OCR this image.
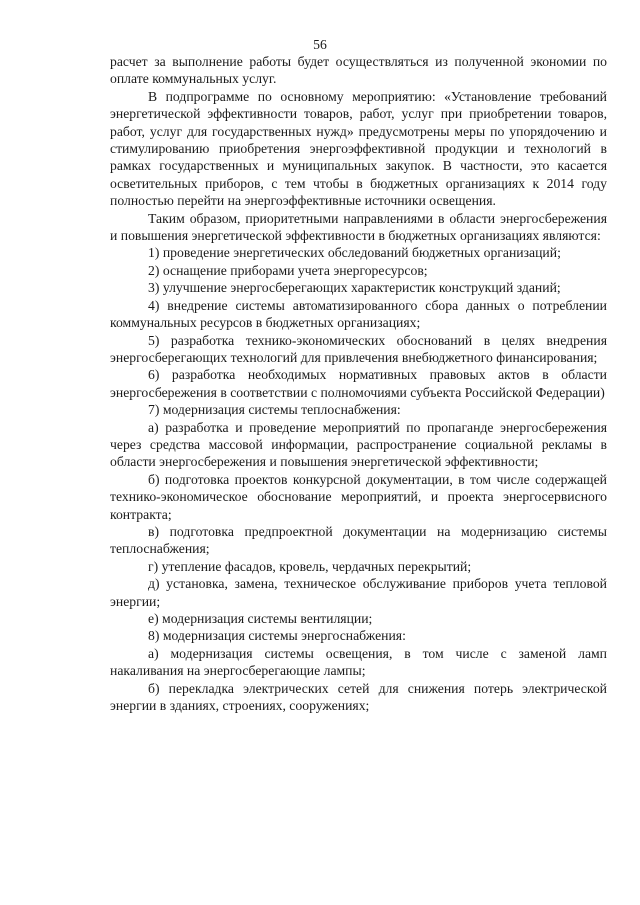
56

расчет за выполнение работы будет осуществляться из полученной экономии по оплате коммунальных услуг.

В подпрограмме по основному мероприятию: «Установление требований энергетической эффективности товаров, работ, услуг при приобретении товаров, работ, услуг для государственных нужд» предусмотрены меры по упорядочению и стимулированию приобретения энергоэффективной продукции и технологий в рамках государственных и муниципальных закупок. В частности, это касается осветительных приборов, с тем чтобы в бюджетных организациях к 2014 году полностью перейти на энергоэффективные источники освещения.

Таким образом, приоритетными направлениями в области энергосбережения и повышения энергетической эффективности в бюджетных организациях являются:

1) проведение энергетических обследований бюджетных организаций;

2) оснащение приборами учета энергоресурсов;

3) улучшение энергосберегающих характеристик конструкций зданий;

4) внедрение системы автоматизированного сбора данных о потреблении коммунальных ресурсов в бюджетных организациях;

5) разработка технико-экономических обоснований в целях внедрения энергосберегающих технологий для привлечения внебюджетного финансирования;

6) разработка необходимых нормативных правовых актов в области энергосбережения в соответствии с полномочиями субъекта Российской Федерации)

7) модернизация системы теплоснабжения:

а) разработка и проведение мероприятий по пропаганде энергосбережения через средства массовой информации, распространение социальной рекламы в области энергосбережения и повышения энергетической эффективности;

б) подготовка проектов конкурсной документации, в том числе содержащей технико-экономическое обоснование мероприятий, и проекта энергосервисного контракта;

в) подготовка предпроектной документации на модернизацию системы теплоснабжения;

г) утепление фасадов, кровель, чердачных перекрытий;

д) установка, замена, техническое обслуживание приборов учета тепловой энергии;

е) модернизация системы вентиляции;

8) модернизация системы энергоснабжения:

а) модернизация системы освещения, в том числе с заменой ламп накаливания на энергосберегающие лампы;

б) перекладка электрических сетей для снижения потерь электрической энергии в зданиях, строениях, сооружениях;
